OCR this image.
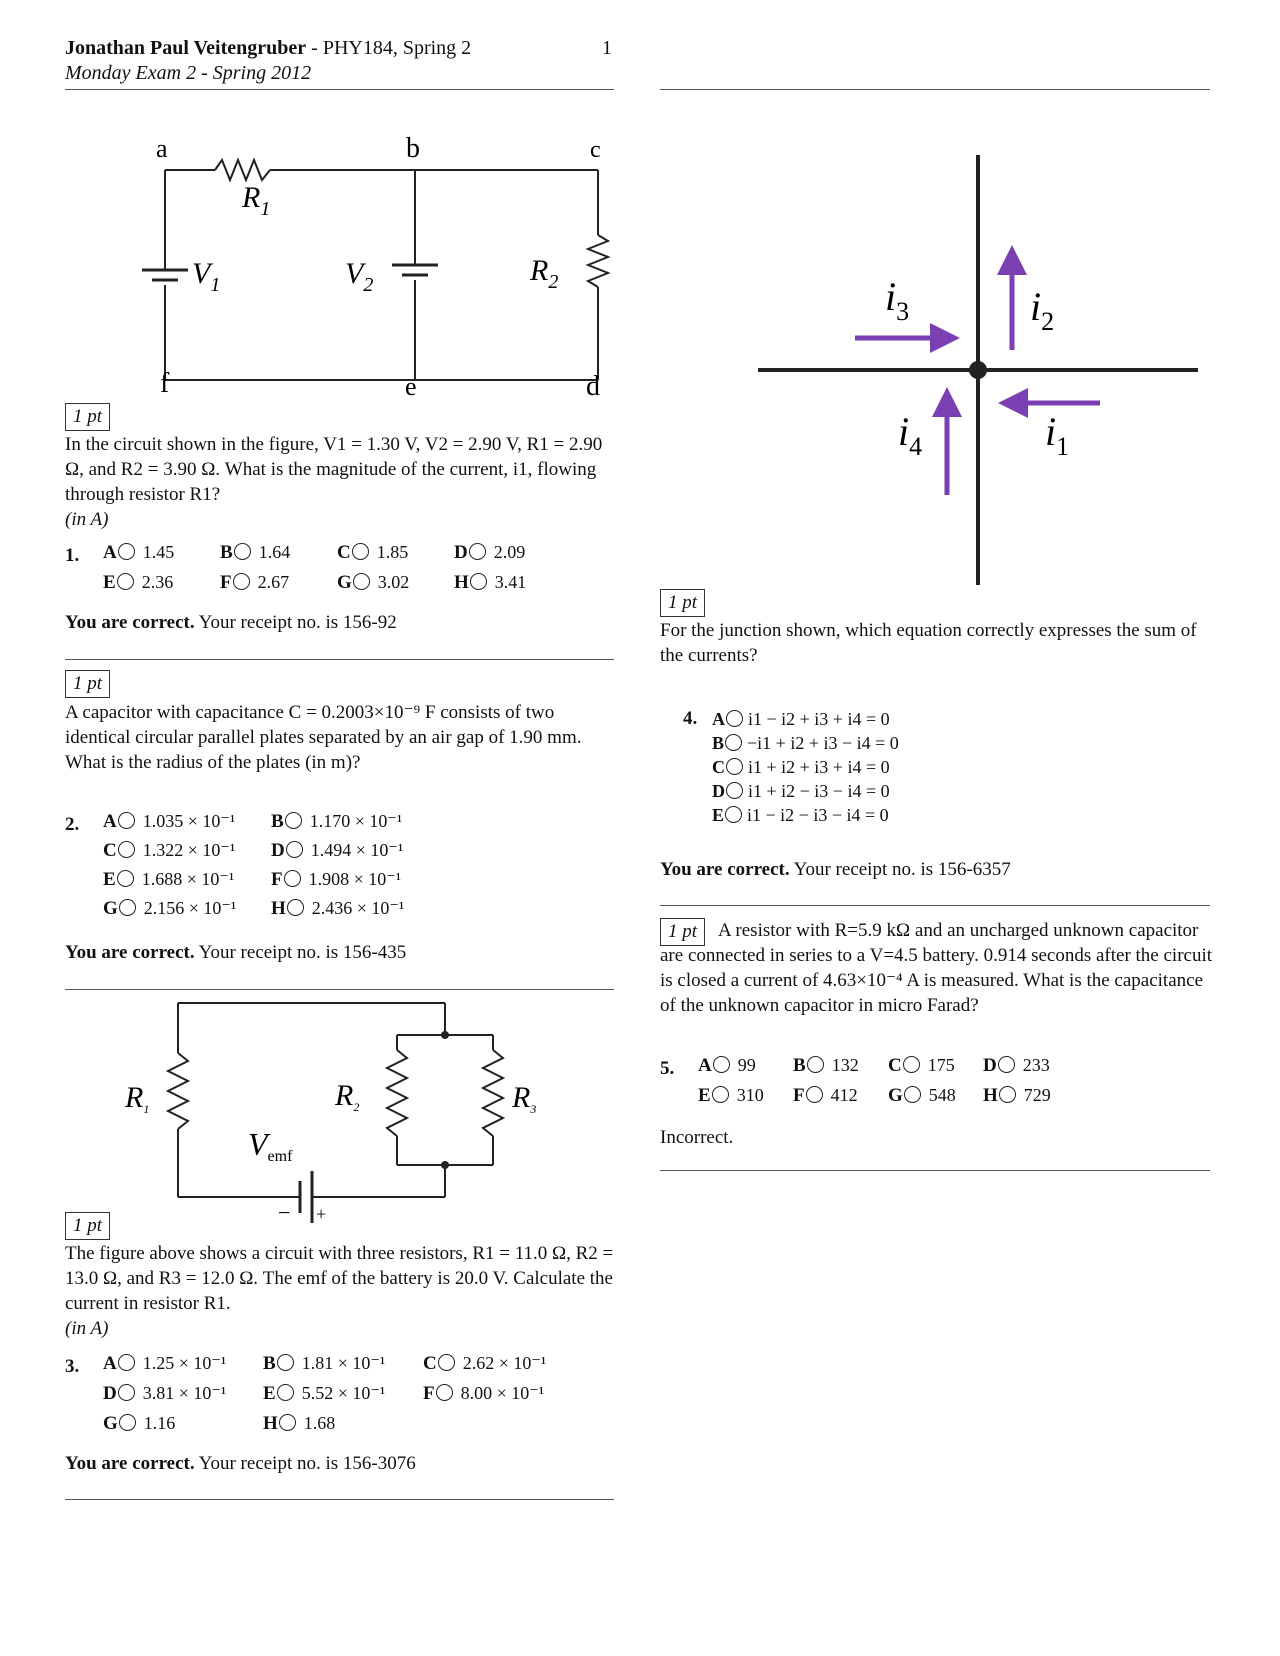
Jonathan Paul Veitengruber - PHY184, Spring 2	1
Monday Exam 2 - Spring 2012
a	b	c
f	e	d
$R_1$
$V_1$	$V_2$	$R_2$
1 pt
In the circuit shown in the figure, V1 = 1.30 V, V2 = 2.90 V, R1 = 2.90 Ω, and R2 = 3.90 Ω. What is the magnitude of the current, i1, flowing through resistor R1?
(in A)
1. A 1.45 B 1.64 C 1.85 D 2.09
E 2.36 F 2.67	G 3.02 H 3.41
You are correct. Your receipt no. is 156-92
1 pt
A capacitor with capacitance C = 0.2003×10⁻⁹ F consists of two identical circular parallel plates separated by an air gap of 1.90 mm. What is the radius of the plates (in m)?
2. A 1.035 × 10⁻¹ B 1.170 × 10⁻¹
C 1.322 × 10⁻¹ D 1.494 × 10⁻¹
E 1.688 × 10⁻¹ F 1.908 × 10⁻¹
G 2.156 × 10⁻¹ H 2.436 × 10⁻¹
You are correct. Your receipt no. is 156-435
$R_1$	$R_2$	$R_3$
Vemf
− +
1 pt
The figure above shows a circuit with three resistors, R1 = 11.0 Ω, R2 = 13.0 Ω, and R3 = 12.0 Ω. The emf of the battery is 20.0 V. Calculate the current in resistor R1.
(in A)
3. A 1.25 × 10⁻¹ B 1.81 × 10⁻¹ C 2.62 × 10⁻¹
D 3.81 × 10⁻¹ E 5.52 × 10⁻¹ F 8.00 × 10⁻¹
G 1.16	H 1.68
You are correct. Your receipt no. is 156-3076
$i_3$	$i_2$
$i_4$	$i_1$
1 pt
For the junction shown, which equation correctly expresses the sum of the currents?
4. A i1 − i2 + i3 + i4 = 0
B −i1 + i2 + i3 − i4 = 0
C i1 + i2 + i3 + i4 = 0
D i1 + i2 − i3 − i4 = 0
E i1 − i2 − i3 − i4 = 0
You are correct. Your receipt no. is 156-6357
1 pt	A resistor with R=5.9 kΩ and an uncharged unknown capacitor are connected in series to a V=4.5 battery. 0.914 seconds after the circuit is closed a current of 4.63×10⁻⁴ A is measured. What is the capacitance of the unknown capacitor in micro Farad?
5. A 99 B 132 C 175 D 233
E 310 F 412 G 548 H 729
Incorrect.
